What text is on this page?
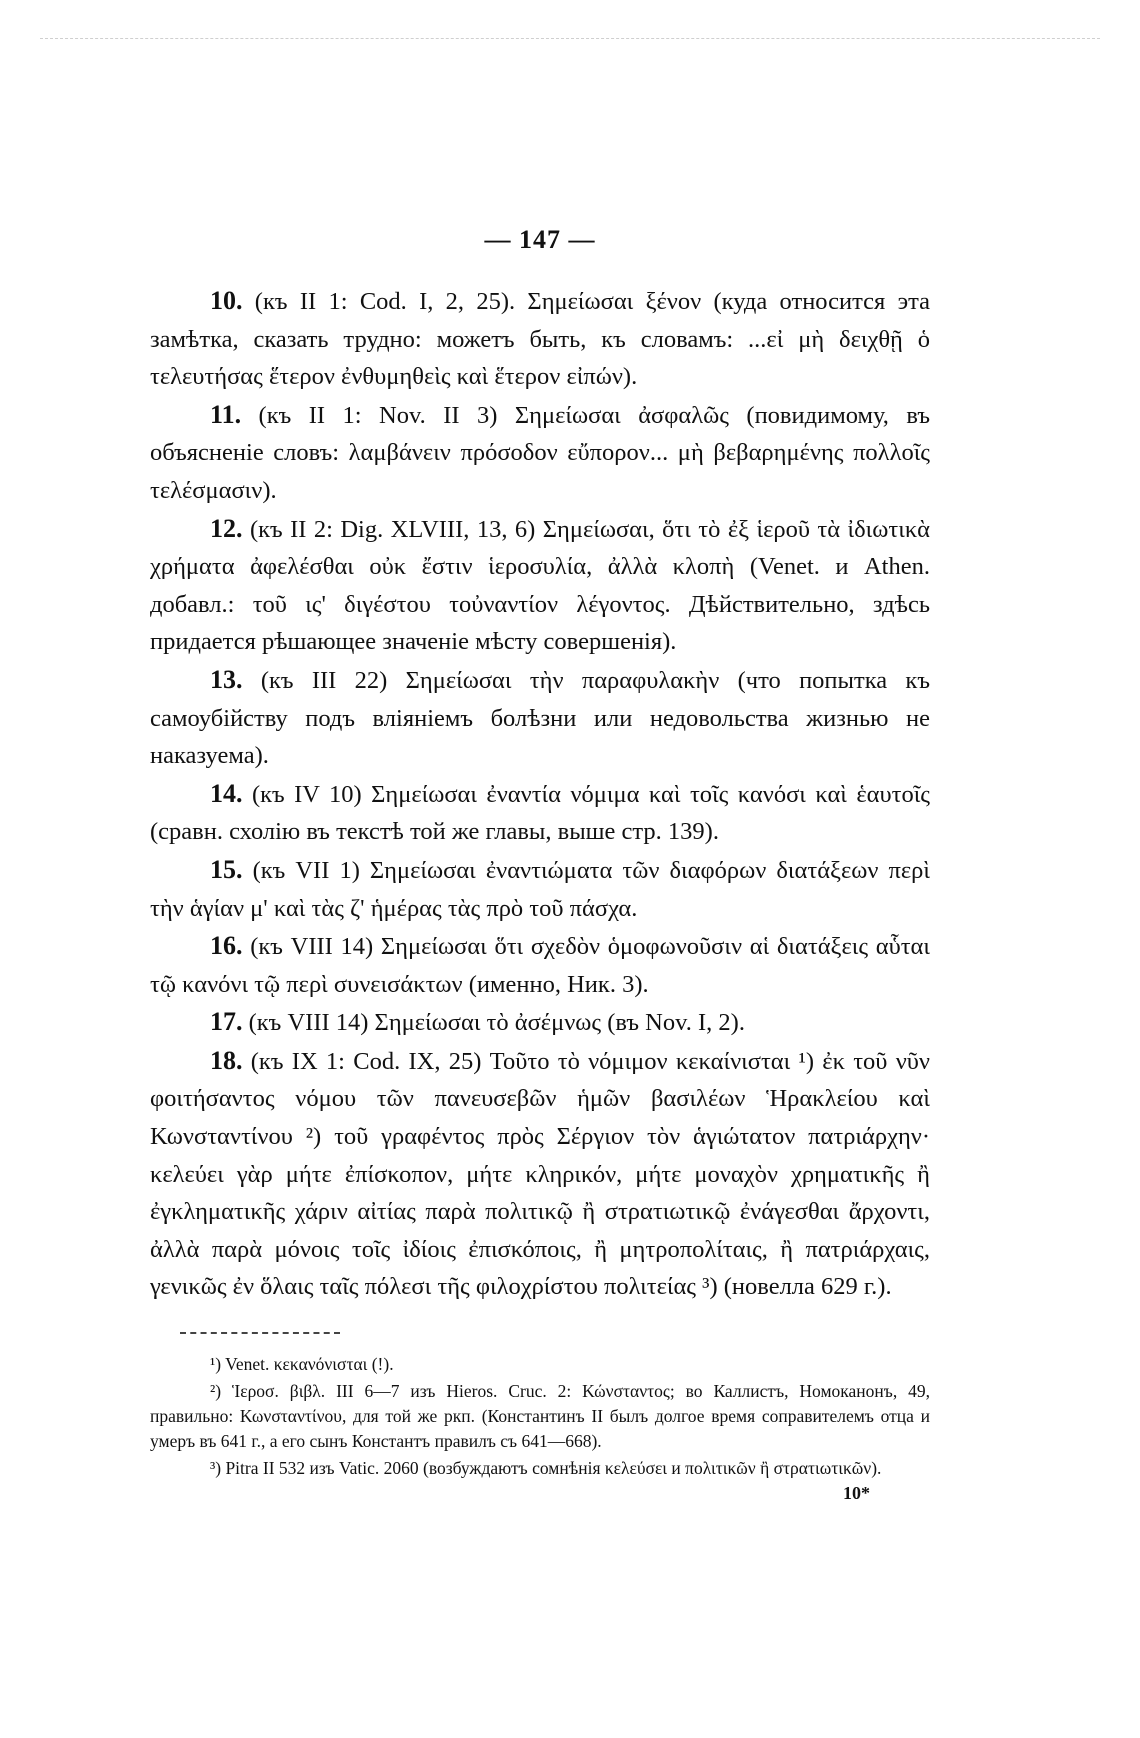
— 147 —

10. (къ II 1: Cod. I, 2, 25). Σημείωσαι ξένον (куда относится эта замѣтка, сказать трудно: можетъ быть, къ словамъ: ...εἰ μὴ δειχθῇ ὁ τελευτήσας ἕτερον ἐνθυμηθεὶς καὶ ἕτερον εἰπών).

11. (къ II 1: Nov. II 3) Σημείωσαι ἀσφαλῶς (повидимому, въ объясненіе словъ: λαμβάνειν πρόσοδον εὔπορον... μὴ βεβαρημένης πολλοῖς τελέσμασιν).

12. (къ II 2: Dig. XLVIII, 13, 6) Σημείωσαι, ὅτι τὸ ἐξ ἱεροῦ τὰ ἰδιωτικὰ χρήματα ἀφελέσθαι οὐκ ἔστιν ἱεροσυλία, ἀλλὰ κλοπὴ (Venet. и Athen. добавл.: τοῦ ις' διγέστου τοὐναντίον λέγοντος. Дѣйствительно, здѣсь придается рѣшающее значеніе мѣсту совершенія).

13. (къ III 22) Σημείωσαι τὴν παραφυλακὴν (что попытка къ самоубійству подъ вліяніемъ болѣзни или недовольства жизнью не наказуема).

14. (къ IV 10) Σημείωσαι ἐναντία νόμιμα καὶ τοῖς κανόσι καὶ ἑαυτοῖς (сравн. схолію въ текстѣ той же главы, выше стр. 139).

15. (къ VII 1) Σημείωσαι ἐναντιώματα τῶν διαφόρων διατάξεων περὶ τὴν ἁγίαν μ' καὶ τὰς ζ' ἡμέρας τὰς πρὸ τοῦ πάσχα.

16. (къ VIII 14) Σημείωσαι ὅτι σχεδὸν ὁμοφωνοῦσιν αἱ διατάξεις αὗται τῷ κανόνι τῷ περὶ συνεισάκτων (именно, Ник. 3).

17. (къ VIII 14) Σημείωσαι τὸ ἀσέμνως (въ Nov. I, 2).

18. (къ IX 1: Cod. IX, 25) Τοῦτο τὸ νόμιμον κεκαίνισται ¹) ἐκ τοῦ νῦν φοιτήσαντος νόμου τῶν πανευσεβῶν ἡμῶν βασιλέων Ἡρακλείου καὶ Κωνσταντίνου ²) τοῦ γραφέντος πρὸς Σέργιον τὸν ἁγιώτατον πατριάρχην· κελεύει γὰρ μήτε ἐπίσκοπον, μήτε κληρικόν, μήτε μοναχὸν χρηματικῆς ἢ ἐγκληματικῆς χάριν αἰτίας παρὰ πολιτικῷ ἢ στρατιωτικῷ ἐνάγεσθαι ἄρχοντι, ἀλλὰ παρὰ μόνοις τοῖς ἰδίοις ἐπισκόποις, ἢ μητροπολίταις, ἢ πατριάρχαις, γενικῶς ἐν ὅλαις ταῖς πόλεσι τῆς φιλοχρίστου πολιτείας ³) (новелла 629 г.).

¹) Venet. κεκανόνισται (!).

²) Ἱεροσ. βιβλ. III 6—7 изъ Hieros. Cruc. 2: Κώνσταντος; во Каллистъ, Номоканонъ, 49, правильно: Κωνσταντίνου, для той же ркп. (Константинъ II былъ долгое время соправителемъ отца и умеръ въ 641 г., а его сынъ Константъ правилъ съ 641—668).

³) Pitra II 532 изъ Vatic. 2060 (возбуждаютъ сомнѣнія κελεύσει и πολιτικῶν ἢ στρατιωτικῶν).

10*
